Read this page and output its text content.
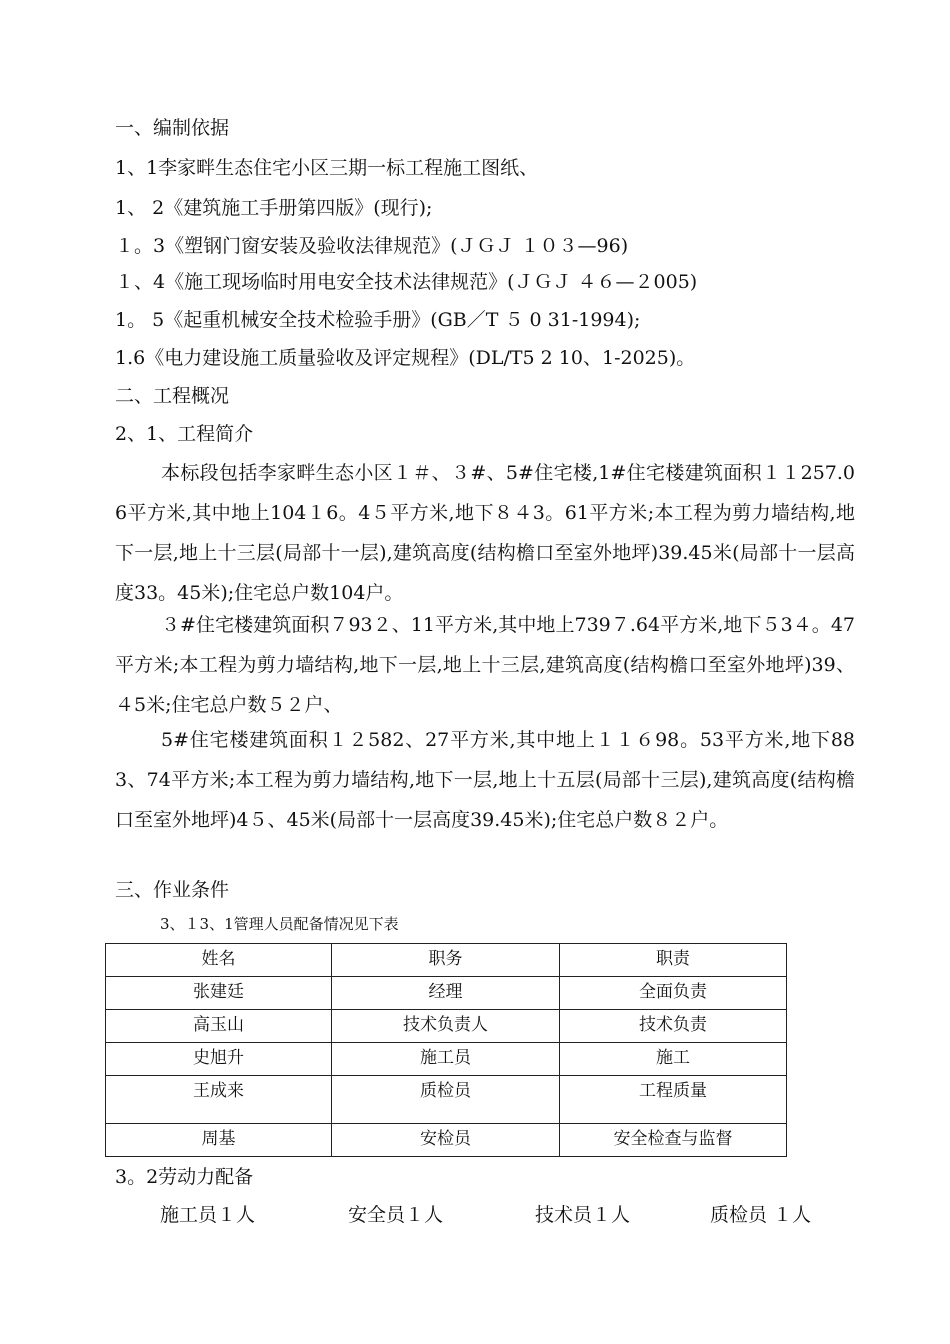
一、编制依据
1、1李家畔生态住宅小区三期一标工程施工图纸、
1、 2《建筑施工手册第四版》(现行);
１。3《塑钢门窗安装及验收法律规范》(ＪＧＪ １０３—96)
１、4《施工现场临时用电安全技术法律规范》(ＪＧＪ ４６—２005)
1。 5《起重机械安全技术检验手册》(GB／T ５ 0 31-1994);
1.6《电力建设施工质量验收及评定规程》(DL/T5 2 10、1-2025)。
二、工程概况
2、1、工程简介
本标段包括李家畔生态小区１＃、３#、5#住宅楼,1#住宅楼建筑面积１１257.06平方米,其中地上104１6。4５平方米,地下８４3。61平方米;本工程为剪力墙结构,地下一层,地上十三层(局部十一层),建筑高度(结构檐口至室外地坪)39.45米(局部十一层高度33。45米);住宅总户数104户。
３#住宅楼建筑面积７93２、11平方米,其中地上739７.64平方米,地下５3４。47平方米;本工程为剪力墙结构,地下一层,地上十三层,建筑高度(结构檐口至室外地坪)39、４5米;住宅总户数５２户、
5#住宅楼建筑面积１２582、27平方米,其中地上１１６98。53平方米,地下883、74平方米;本工程为剪力墙结构,地下一层,地上十五层(局部十三层),建筑高度(结构檐口至室外地坪)4５、45米(局部十一层高度39.45米);住宅总户数８２户。
三、作业条件
3、１3、1管理人员配备情况见下表
姓名	职务	职责
张建廷	经理	全面负责
高玉山	技术负责人	技术负责
史旭升	施工员	施工
王成来	质检员	工程质量
周基	安检员	安全检查与监督
3。2劳动力配备
施工员１人	安全员１人	技术员１人	质检员 １人
